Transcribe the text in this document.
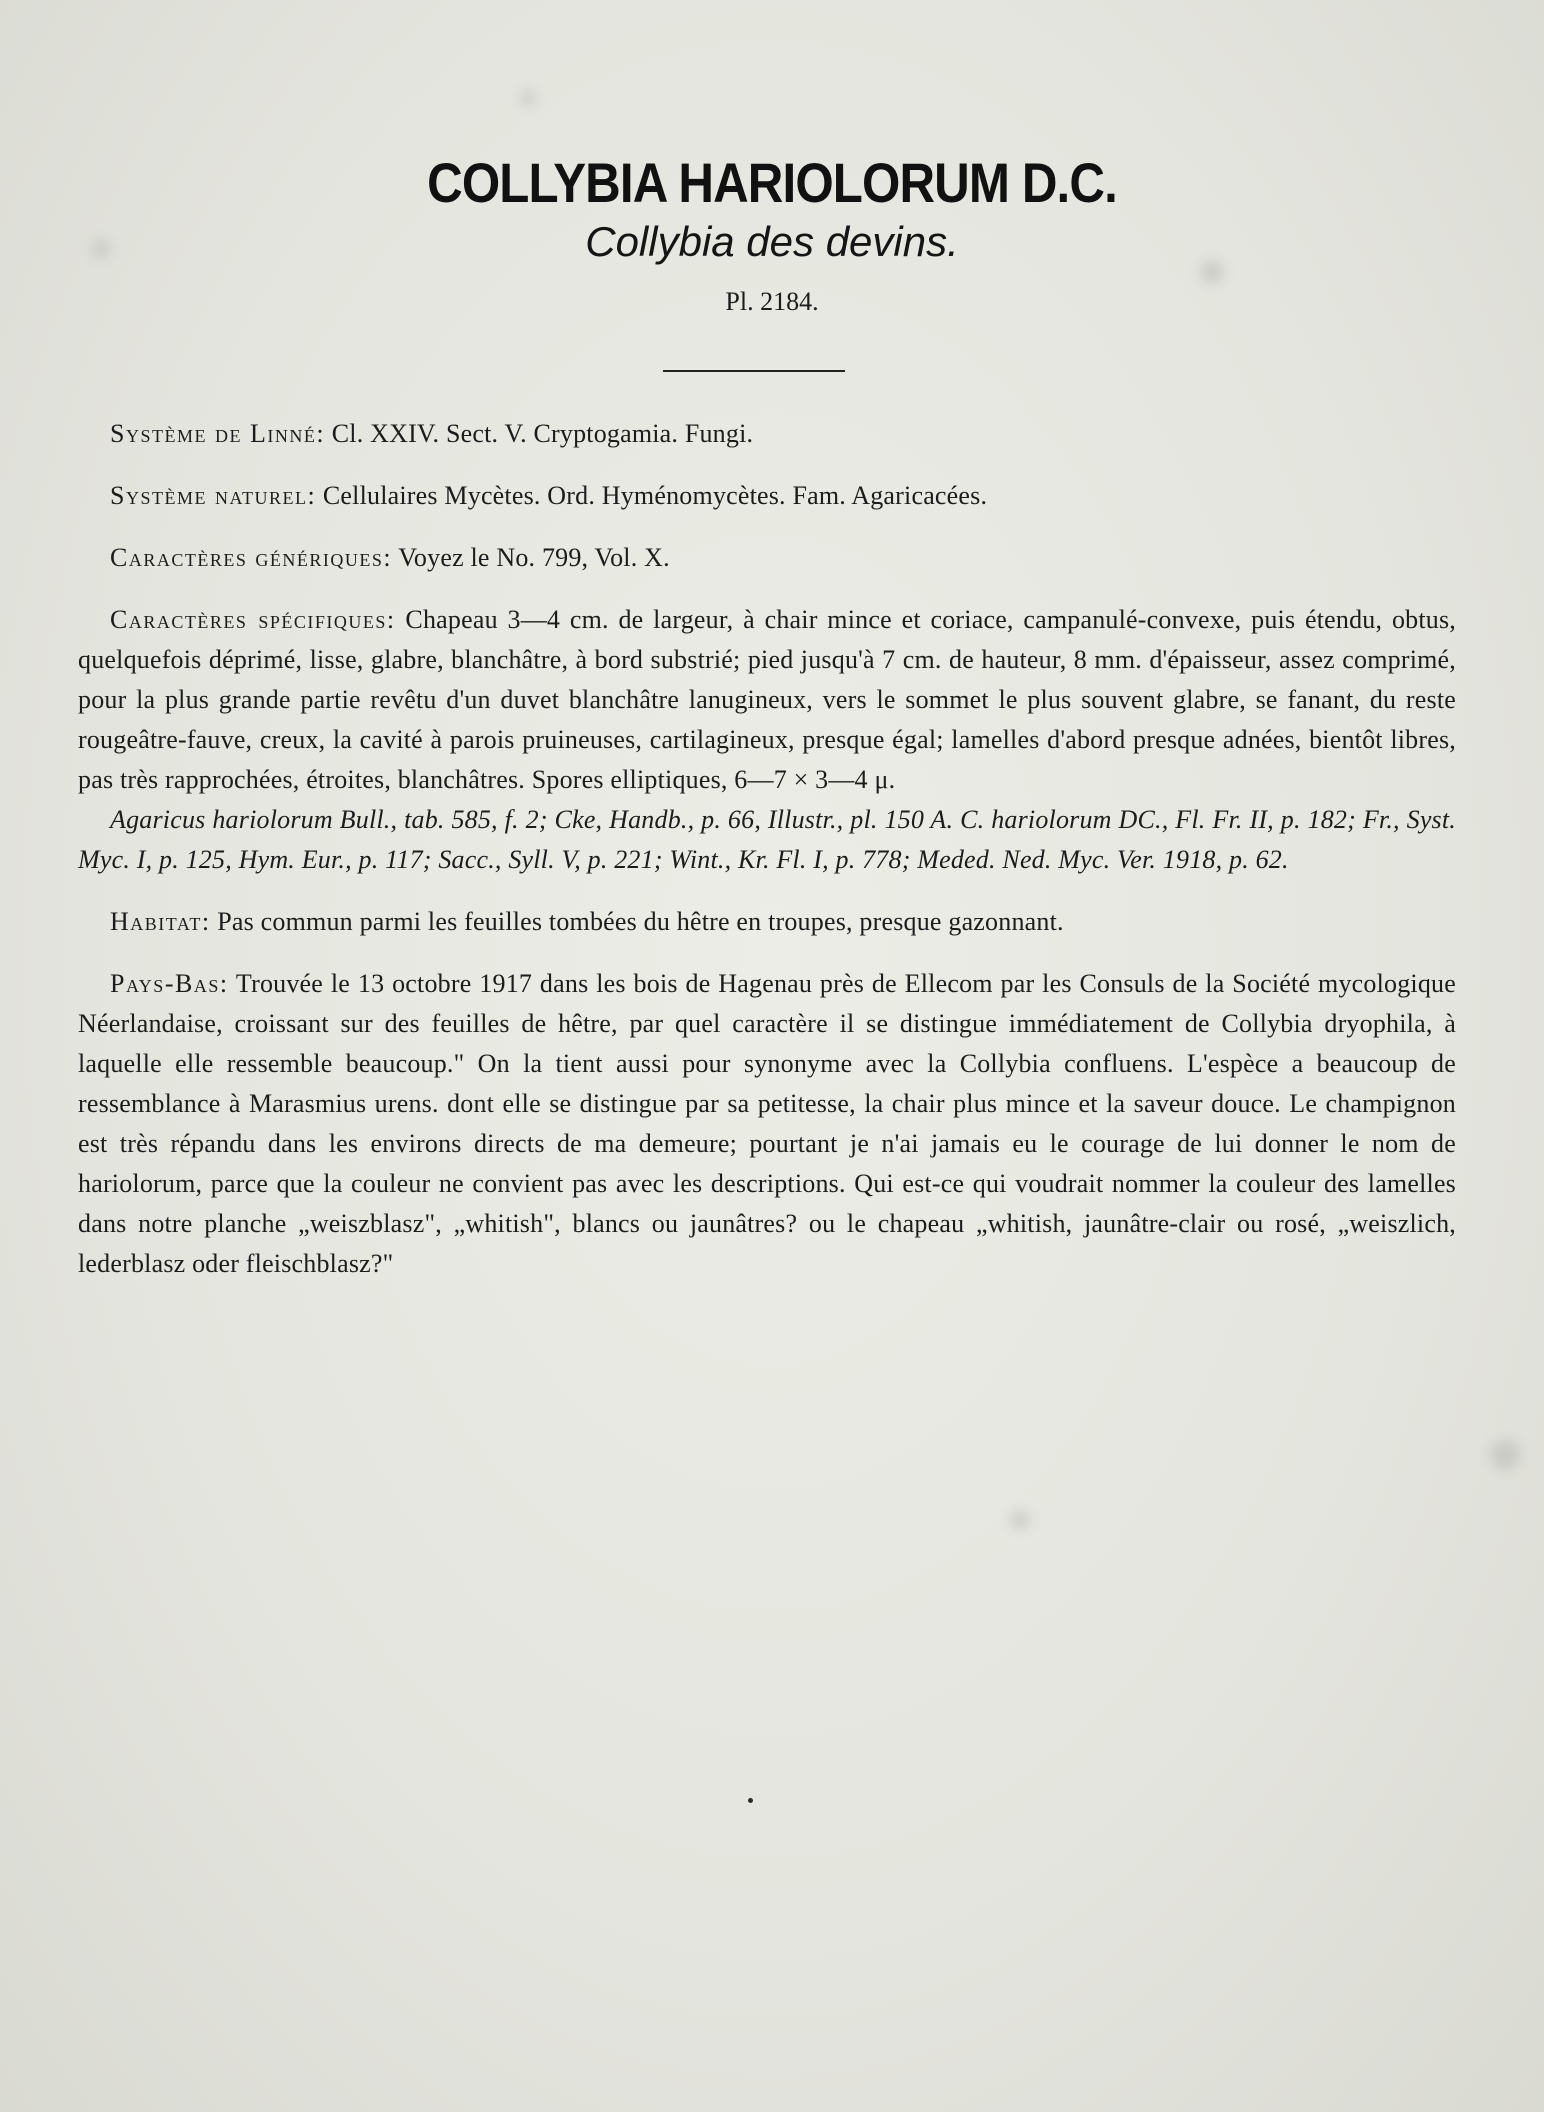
COLLYBIA HARIOLORUM D.C.

Collybia des devins.

Pl. 2184.

Système de Linné: Cl. XXIV. Sect. V. Cryptogamia. Fungi.

Système naturel: Cellulaires Mycètes. Ord. Hyménomycètes. Fam. Agaricacées.

Caractères génériques: Voyez le No. 799, Vol. X.

Caractères spécifiques: Chapeau 3—4 cm. de largeur, à chair mince et coriace, campanulé-convexe, puis étendu, obtus, quelquefois déprimé, lisse, glabre, blanchâtre, à bord substrié; pied jusqu'à 7 cm. de hauteur, 8 mm. d'épaisseur, assez comprimé, pour la plus grande partie revêtu d'un duvet blanchâtre lanugineux, vers le sommet le plus souvent glabre, se fanant, du reste rougeâtre-fauve, creux, la cavité à parois pruineuses, cartilagineux, presque égal; lamelles d'abord presque adnées, bientôt libres, pas très rapprochées, étroites, blanchâtres. Spores elliptiques, 6—7 × 3—4 μ.

Agaricus hariolorum Bull., tab. 585, f. 2; Cke, Handb., p. 66, Illustr., pl. 150 A. C. hariolorum DC., Fl. Fr. II, p. 182; Fr., Syst. Myc. I, p. 125, Hym. Eur., p. 117; Sacc., Syll. V, p. 221; Wint., Kr. Fl. I, p. 778; Meded. Ned. Myc. Ver. 1918, p. 62.

Habitat: Pas commun parmi les feuilles tombées du hêtre en troupes, presque gazonnant.

Pays-Bas: Trouvée le 13 octobre 1917 dans les bois de Hagenau près de Ellecom par les Consuls de la Société mycologique Néerlandaise, croissant sur des feuilles de hêtre, par quel caractère il se distingue immédiatement de Collybia dryophila, à laquelle elle ressemble beaucoup." On la tient aussi pour synonyme avec la Collybia confluens. L'espèce a beaucoup de ressemblance à Marasmius urens. dont elle se distingue par sa petitesse, la chair plus mince et la saveur douce. Le champignon est très répandu dans les environs directs de ma demeure; pourtant je n'ai jamais eu le courage de lui donner le nom de hariolorum, parce que la couleur ne convient pas avec les descriptions. Qui est-ce qui voudrait nommer la couleur des lamelles dans notre planche „weiszblasz", „whitish", blancs ou jaunâtres? ou le chapeau „whitish, jaunâtre-clair ou rosé, „weiszlich, lederblasz oder fleischblasz?"
